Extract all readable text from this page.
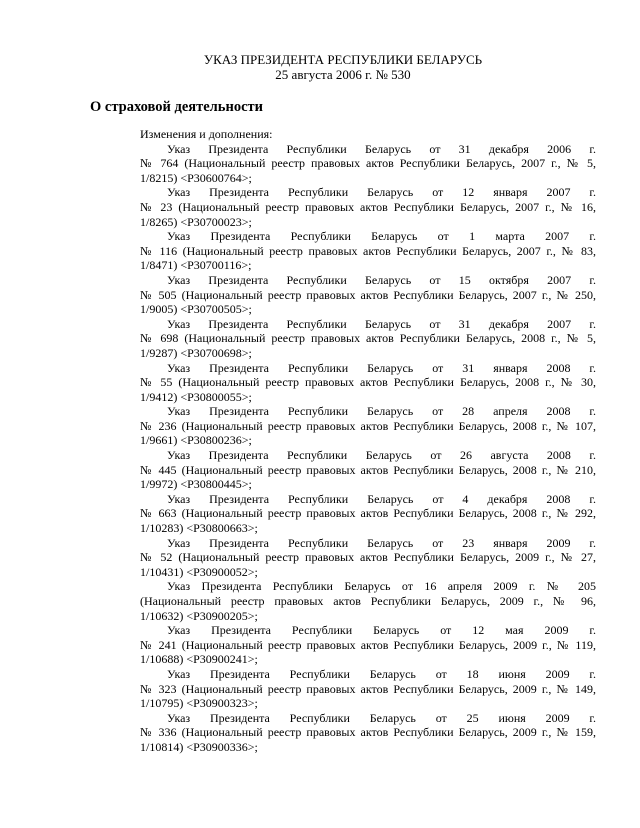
УКАЗ ПРЕЗИДЕНТА РЕСПУБЛИКИ БЕЛАРУСЬ
25 августа 2006 г. № 530
О страховой деятельности
Изменения и дополнения:
Указ Президента Республики Беларусь от 31 декабря 2006 г.
№ 764 (Национальный реестр правовых актов Республики Беларусь, 2007 г., № 5,
1/8215) <P30600764>;
Указ Президента Республики Беларусь от 12 января 2007 г.
№ 23 (Национальный реестр правовых актов Республики Беларусь, 2007 г., № 16,
1/8265) <P30700023>;
Указ Президента Республики Беларусь от 1 марта 2007 г.
№ 116 (Национальный реестр правовых актов Республики Беларусь, 2007 г., № 83,
1/8471) <P30700116>;
Указ Президента Республики Беларусь от 15 октября 2007 г.
№ 505 (Национальный реестр правовых актов Республики Беларусь, 2007 г., № 250,
1/9005) <P30700505>;
Указ Президента Республики Беларусь от 31 декабря 2007 г.
№ 698 (Национальный реестр правовых актов Республики Беларусь, 2008 г., № 5,
1/9287) <P30700698>;
Указ Президента Республики Беларусь от 31 января 2008 г.
№ 55 (Национальный реестр правовых актов Республики Беларусь, 2008 г., № 30,
1/9412) <P30800055>;
Указ Президента Республики Беларусь от 28 апреля 2008 г.
№ 236 (Национальный реестр правовых актов Республики Беларусь, 2008 г., № 107,
1/9661) <P30800236>;
Указ Президента Республики Беларусь от 26 августа 2008 г.
№ 445 (Национальный реестр правовых актов Республики Беларусь, 2008 г., № 210,
1/9972) <P30800445>;
Указ Президента Республики Беларусь от 4 декабря 2008 г.
№ 663 (Национальный реестр правовых актов Республики Беларусь, 2008 г., № 292,
1/10283) <P30800663>;
Указ Президента Республики Беларусь от 23 января 2009 г.
№ 52 (Национальный реестр правовых актов Республики Беларусь, 2009 г., № 27,
1/10431) <P30900052>;
Указ Президента Республики Беларусь от 16 апреля 2009 г. № 205
(Национальный реестр правовых актов Республики Беларусь, 2009 г., № 96,
1/10632) <P30900205>;
Указ Президента Республики Беларусь от 12 мая 2009 г.
№ 241 (Национальный реестр правовых актов Республики Беларусь, 2009 г., № 119,
1/10688) <P30900241>;
Указ Президента Республики Беларусь от 18 июня 2009 г.
№ 323 (Национальный реестр правовых актов Республики Беларусь, 2009 г., № 149,
1/10795) <P30900323>;
Указ Президента Республики Беларусь от 25 июня 2009 г.
№ 336 (Национальный реестр правовых актов Республики Беларусь, 2009 г., № 159,
1/10814) <P30900336>;
